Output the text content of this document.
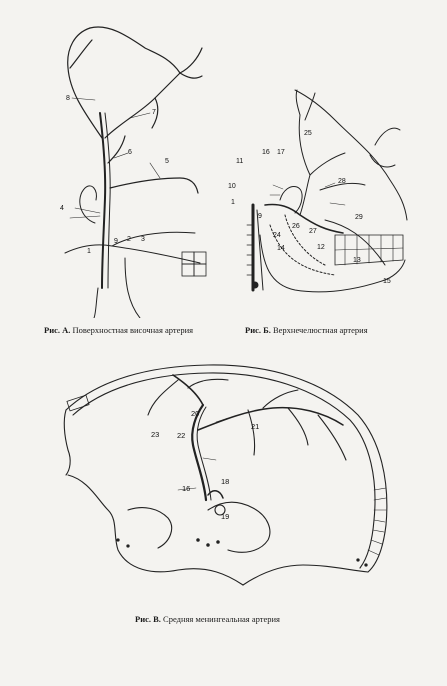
1
2 3
4
5
6
7
8
9
Рис. А. Поверхностная височная артерия
1
9
10
11
12
13
14
15
16 17
24
25
26
27
28
29
Рис. Б. Верхнечелюстная артерия
16
18
19
20
21
22
23
Рис. В. Средняя менингеальная артерия
